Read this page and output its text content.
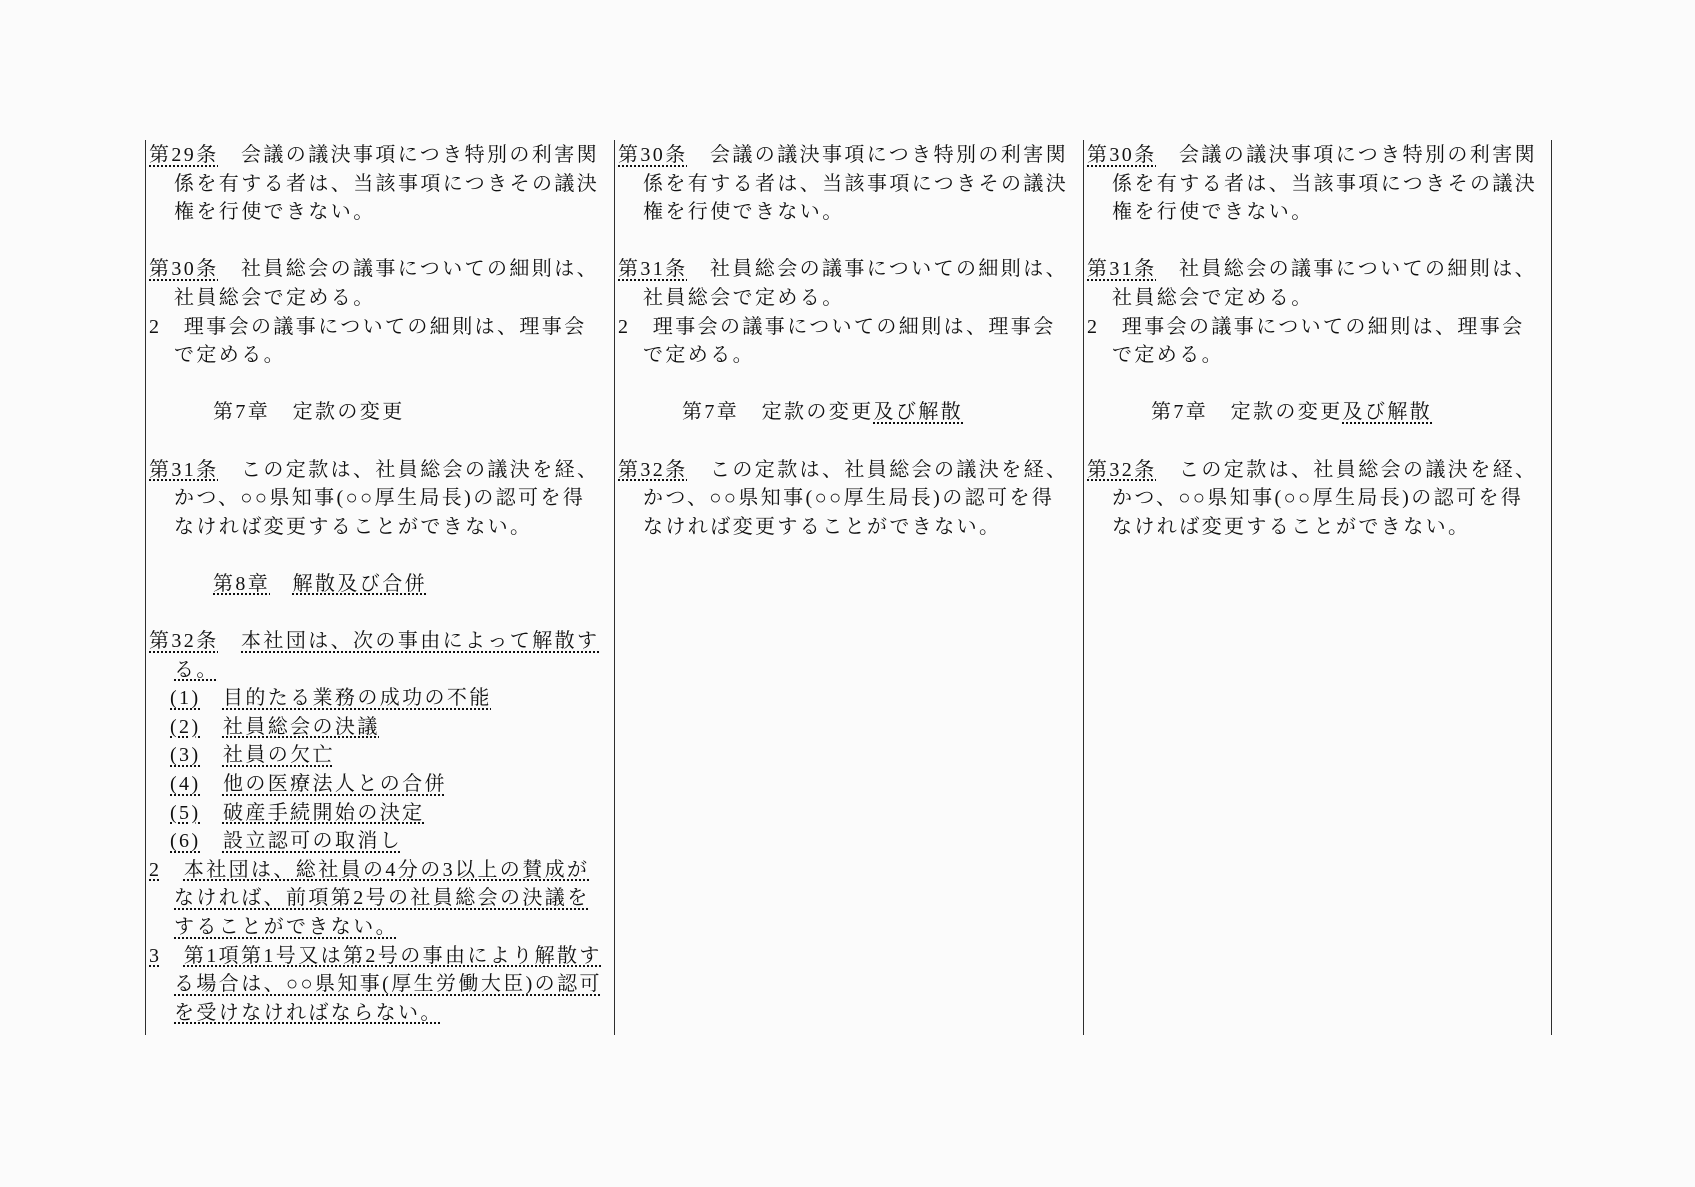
第29条　会議の議決事項につき特別の利害関係を有する者は、当該事項につきその議決権を行使できない。
第30条　社員総会の議事についての細則は、社員総会で定める。
2　理事会の議事についての細則は、理事会で定める。
第7章　定款の変更
第31条　この定款は、社員総会の議決を経、かつ、○○県知事(○○厚生局長)の認可を得なければ変更することができない。
第8章　 解散及び合併
第32条　 本社団は、次の事由によって解散する。
(1)　 目的たる業務の成功の不能
(2)　 社員総会の決議
(3)　 社員の欠亡
(4)　 他の医療法人との合併
(5)　 破産手続開始の決定
(6)　 設立認可の取消し
2　 本社団は、総社員の4分の3以上の賛成がなければ、前項第2号の社員総会の決議をすることができない。
3　 第1項第1号又は第2号の事由により解散する場合は、○○県知事(厚生労働大臣)の認可を受けなければならない。
第30条　会議の議決事項につき特別の利害関係を有する者は、当該事項につきその議決権を行使できない。
第31条　社員総会の議事についての細則は、社員総会で定める。
2　理事会の議事についての細則は、理事会で定める。
第7章　定款の変更及び解散
第32条　この定款は、社員総会の議決を経、かつ、○○県知事(○○厚生局長)の認可を得なければ変更することができない。
第30条　会議の議決事項につき特別の利害関係を有する者は、当該事項につきその議決権を行使できない。
第31条　社員総会の議事についての細則は、社員総会で定める。
2　理事会の議事についての細則は、理事会で定める。
第7章　定款の変更及び解散
第32条　この定款は、社員総会の議決を経、かつ、○○県知事(○○厚生局長)の認可を得なければ変更することができない。
